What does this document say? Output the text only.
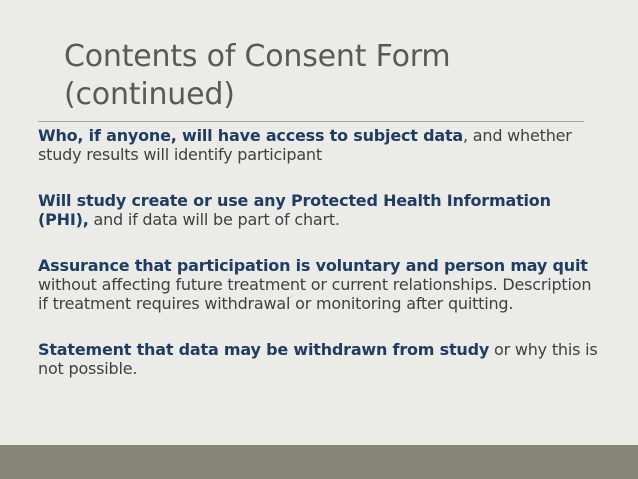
Contents of Consent Form
(continued)

Who, if anyone, will have access to subject data, and whether study results will identify participant

Will study create or use any Protected Health Information (PHI), and if data will be part of chart.

Assurance that participation is voluntary and person may quit without affecting future treatment or current relationships. Description if treatment requires withdrawal or monitoring after quitting.

Statement that data may be withdrawn from study or why this is not possible.
